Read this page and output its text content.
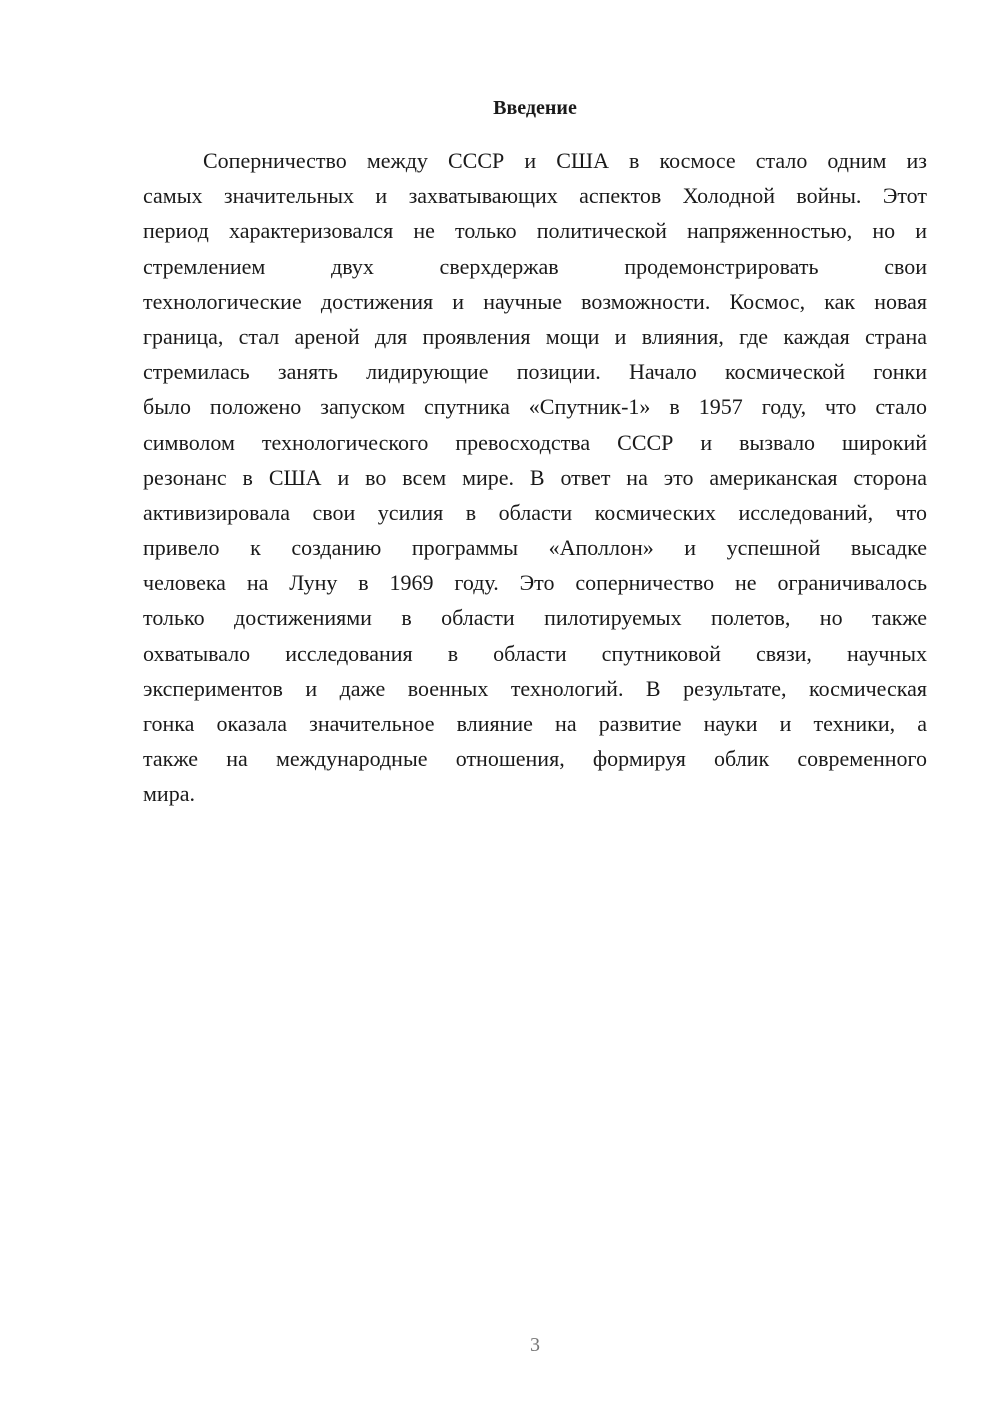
Введение
Соперничество между СССР и США в космосе стало одним из
самых значительных и захватывающих аспектов Холодной войны. Этот
период характеризовался не только политической напряженностью, но и
стремлением двух сверхдержав продемонстрировать свои
технологические достижения и научные возможности. Космос, как новая
граница, стал ареной для проявления мощи и влияния, где каждая страна
стремилась занять лидирующие позиции. Начало космической гонки
было положено запуском спутника «Спутник-1» в 1957 году, что стало
символом технологического превосходства СССР и вызвало широкий
резонанс в США и во всем мире. В ответ на это американская сторона
активизировала свои усилия в области космических исследований, что
привело к созданию программы «Аполлон» и успешной высадке
человека на Луну в 1969 году. Это соперничество не ограничивалось
только достижениями в области пилотируемых полетов, но также
охватывало исследования в области спутниковой связи, научных
экспериментов и даже военных технологий. В результате, космическая
гонка оказала значительное влияние на развитие науки и техники, а
также на международные отношения, формируя облик современного
мира.
3
